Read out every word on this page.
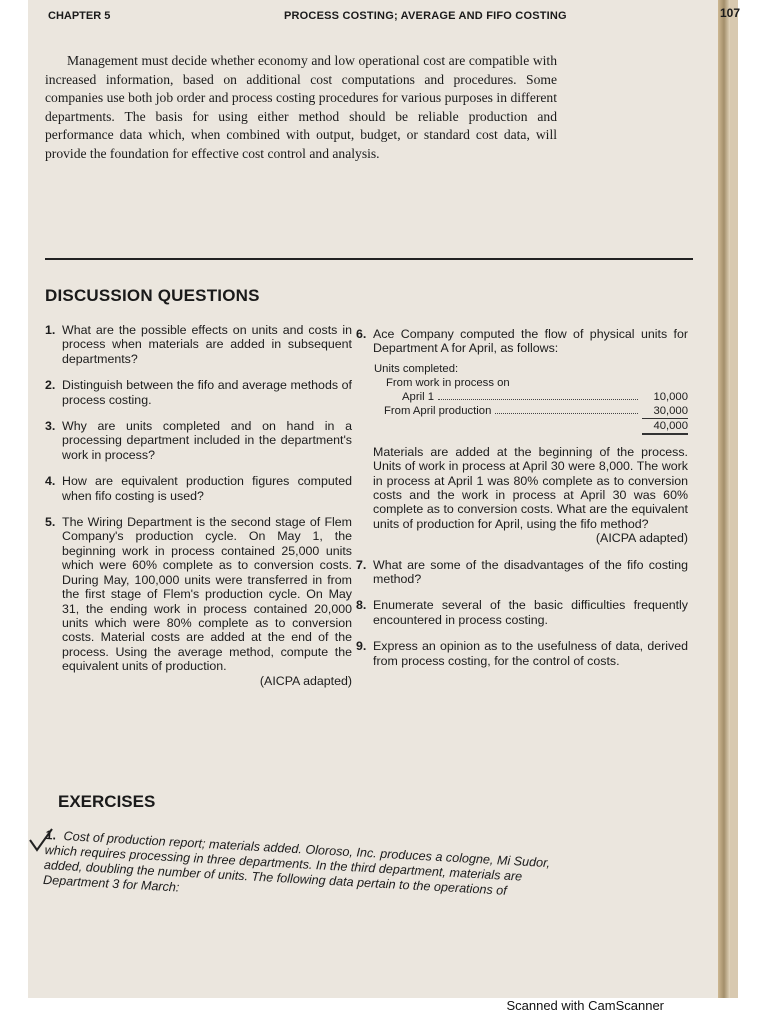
CHAPTER 5	PROCESS COSTING; AVERAGE AND FIFO COSTING	107

Management must decide whether economy and low operational cost are compatible with increased information, based on additional cost computations and procedures. Some companies use both job order and process costing procedures for various purposes in different departments. The basis for using either method should be reliable production and performance data which, when combined with output, budget, or standard cost data, will provide the foundation for effective cost control and analysis.

DISCUSSION QUESTIONS
1. What are the possible effects on units and costs in process when materials are added in subsequent departments?
2. Distinguish between the fifo and average methods of process costing.
3. Why are units completed and on hand in a processing department included in the department's work in process?
4. How are equivalent production figures computed when fifo costing is used?
5. The Wiring Department is the second stage of Flem Company's production cycle. On May 1, the beginning work in process contained 25,000 units which were 60% complete as to conversion costs. During May, 100,000 units were transferred in from the first stage of Flem's production cycle. On May 31, the ending work in process contained 20,000 units which were 80% complete as to conversion costs. Material costs are added at the end of the process. Using the average method, compute the equivalent units of production.
(AICPA adapted)
6. Ace Company computed the flow of physical units for Department A for April, as follows:
Units completed:
From work in process on
April 1	10,000
From April production	30,000
40,000
Materials are added at the beginning of the process. Units of work in process at April 30 were 8,000. The work in process at April 1 was 80% complete as to conversion costs and the work in process at April 30 was 60% complete as to conversion costs. What are the equivalent units of production for April, using the fifo method?
(AICPA adapted)
7. What are some of the disadvantages of the fifo costing method?
8. Enumerate several of the basic difficulties frequently encountered in process costing.
9. Express an opinion as to the usefulness of data, derived from process costing, for the control of costs.
EXERCISES

1. Cost of production report; materials added. Oloroso, Inc. produces a cologne, Mi Sudor, which requires processing in three departments. In the third department, materials are added, doubling the number of units. The following data pertain to the operations of Department 3 for March:

Scanned with CamScanner
